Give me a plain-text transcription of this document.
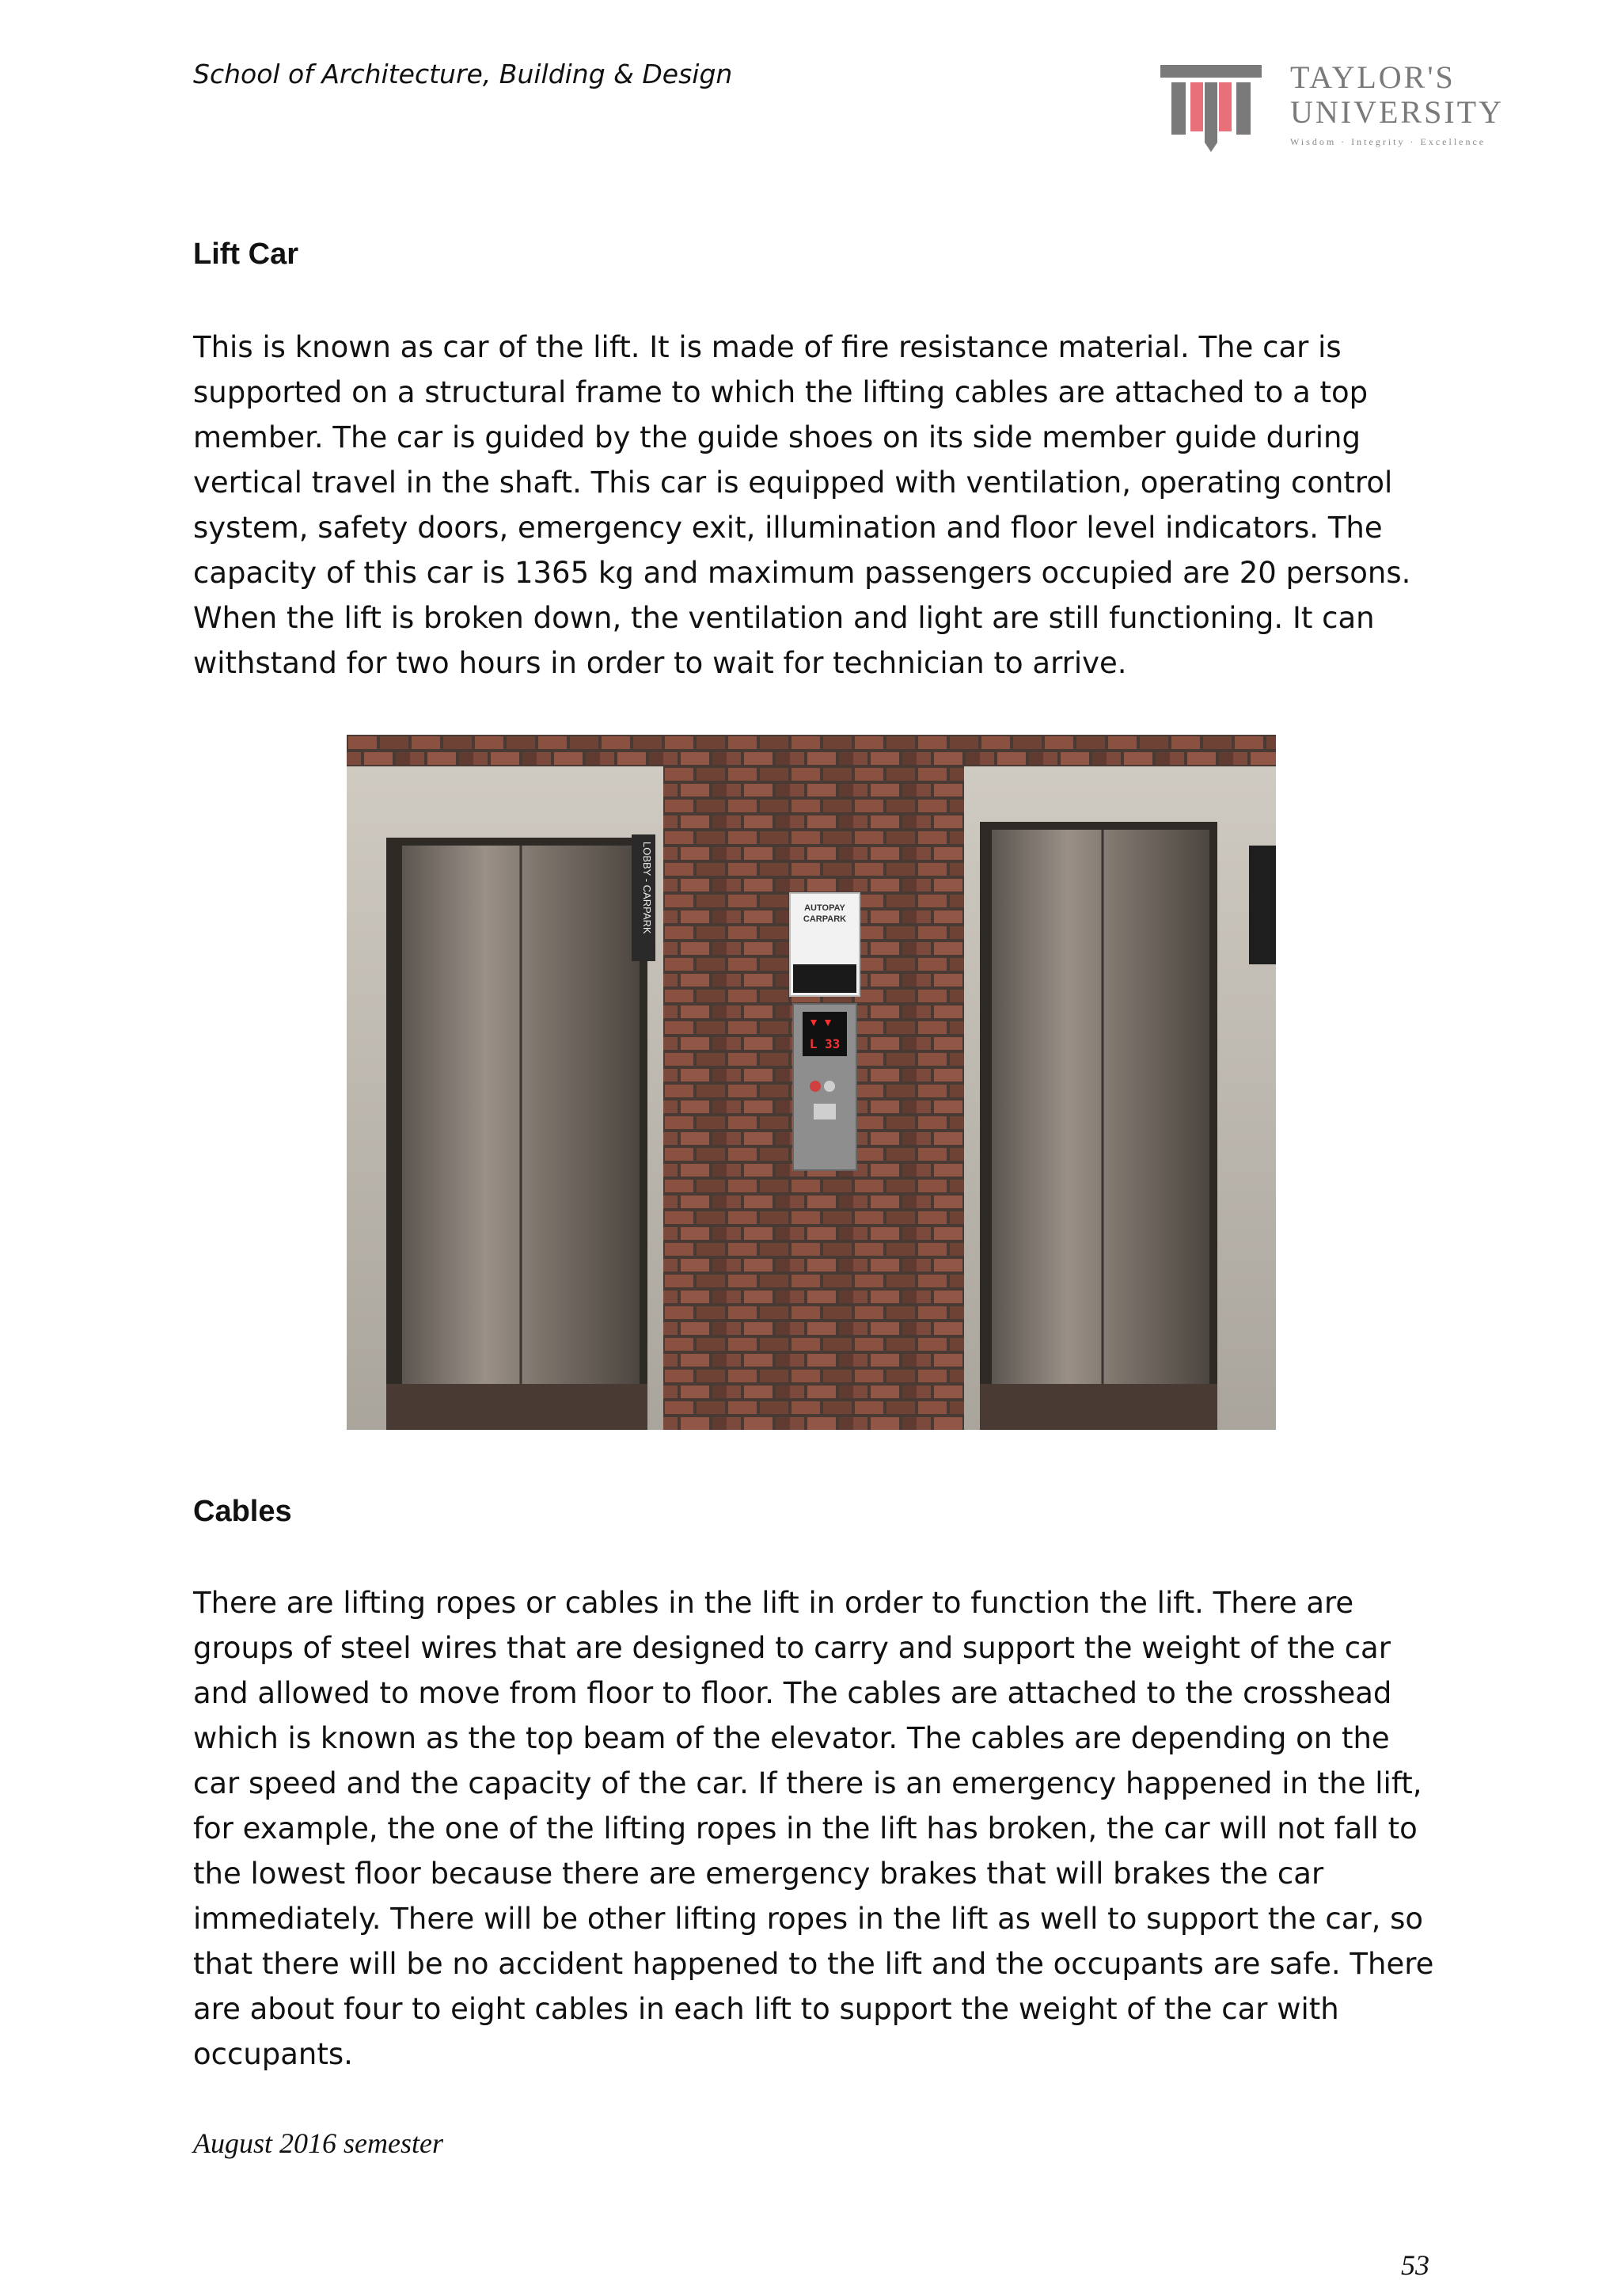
School of Architecture, Building & Design	TAYLOR'S
UNIVERSITY
Wisdom · Integrity · Excellence
Lift Car

This is known as car of the lift. It is made of fire resistance material. The car is supported on a structural frame to which the lifting cables are attached to a top member. The car is guided by the guide shoes on its side member guide during vertical travel in the shaft. This car is equipped with ventilation, operating control system, safety doors, emergency exit, illumination and floor level indicators. The capacity of this car is 1365 kg and maximum passengers occupied are 20 persons. When the lift is broken down, the ventilation and light are still functioning. It can withstand for two hours in order to wait for technician to arrive.

LOBBY - CARPARK	AUTOPAY
CARPARK
L 33
Cables

There are lifting ropes or cables in the lift in order to function the lift. There are groups of steel wires that are designed to carry and support the weight of the car and allowed to move from floor to floor. The cables are attached to the crosshead which is known as the top beam of the elevator. The cables are depending on the car speed and the capacity of the car. If there is an emergency happened in the lift, for example, the one of the lifting ropes in the lift has broken, the car will not fall to the lowest floor because there are emergency brakes that will brakes the car immediately. There will be other lifting ropes in the lift as well to support the car, so that there will be no accident happened to the lift and the occupants are safe. There are about four to eight cables in each lift to support the weight of the car with occupants.

August 2016 semester
53
